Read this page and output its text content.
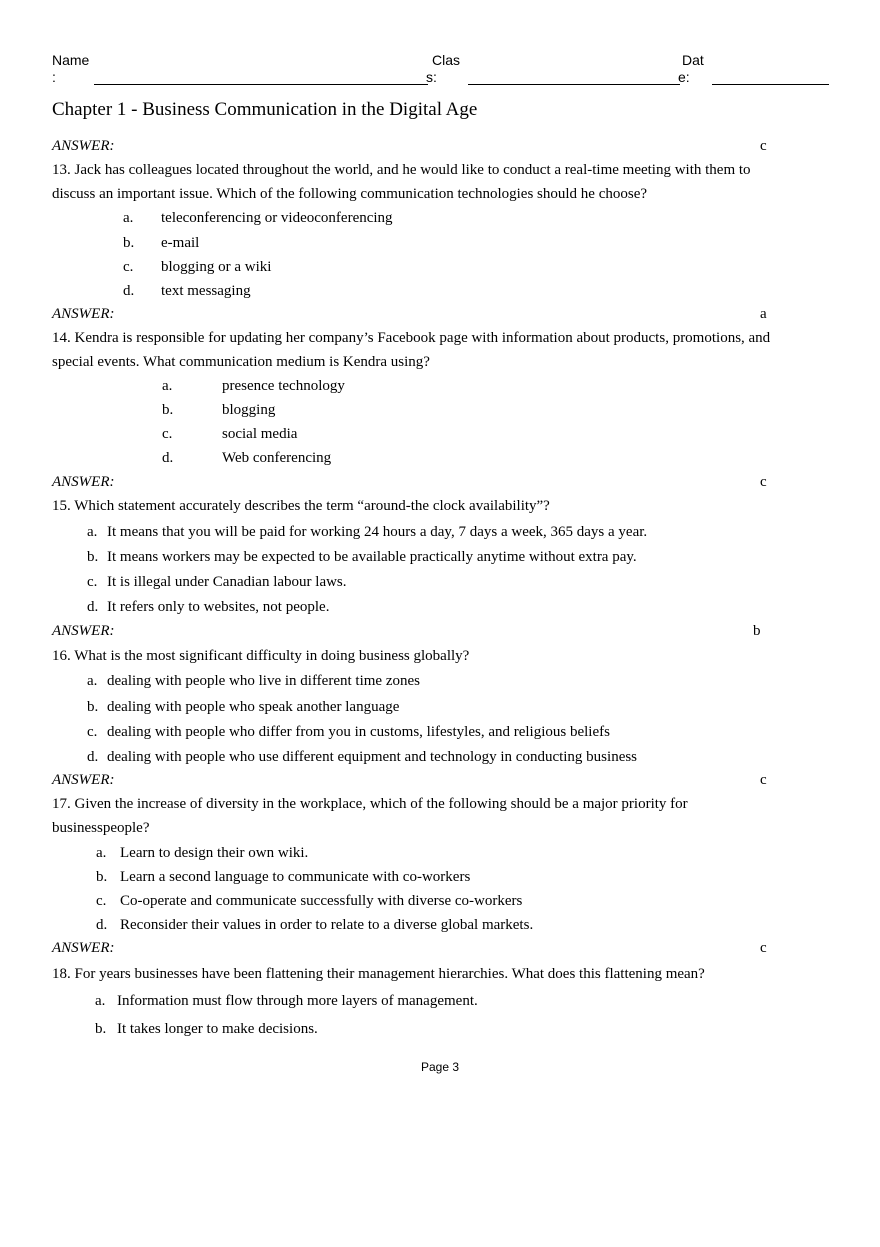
Name
:
Clas
s:
Dat
e:
Chapter 1 - Business Communication in the Digital Age
ANSWER:	c
13. Jack has colleagues located throughout the world, and he would like to conduct a real-time meeting with them to
discuss an important issue. Which of the following communication technologies should he choose?
a. teleconferencing or videoconferencing
b. e-mail
c. blogging or a wiki
d. text messaging
ANSWER:	a
14. Kendra is responsible for updating her company’s Facebook page with information about products, promotions, and
special events. What communication medium is Kendra using?
a.	presence technology
b.	blogging
c.	social media
d.	Web conferencing
ANSWER:	c
15. Which statement accurately describes the term “around-the clock availability”?
a. It means that you will be paid for working 24 hours a day, 7 days a week, 365 days a year.
b. It means workers may be expected to be available practically anytime without extra pay.
c. It is illegal under Canadian labour laws.
d. It refers only to websites, not people.
ANSWER:	b
16. What is the most significant difficulty in doing business globally?
a. dealing with people who live in different time zones
b. dealing with people who speak another language
c. dealing with people who differ from you in customs, lifestyles, and religious beliefs
d. dealing with people who use different equipment and technology in conducting business
ANSWER:	c
17. Given the increase of diversity in the workplace, which of the following should be a major priority for
businesspeople?
a. Learn to design their own wiki.
b. Learn a second language to communicate with co-workers
c. Co-operate and communicate successfully with diverse co-workers
d. Reconsider their values in order to relate to a diverse global markets.
ANSWER:	c
18. For years businesses have been flattening their management hierarchies. What does this flattening mean?
a. Information must flow through more layers of management.
b. It takes longer to make decisions.
Page 3
